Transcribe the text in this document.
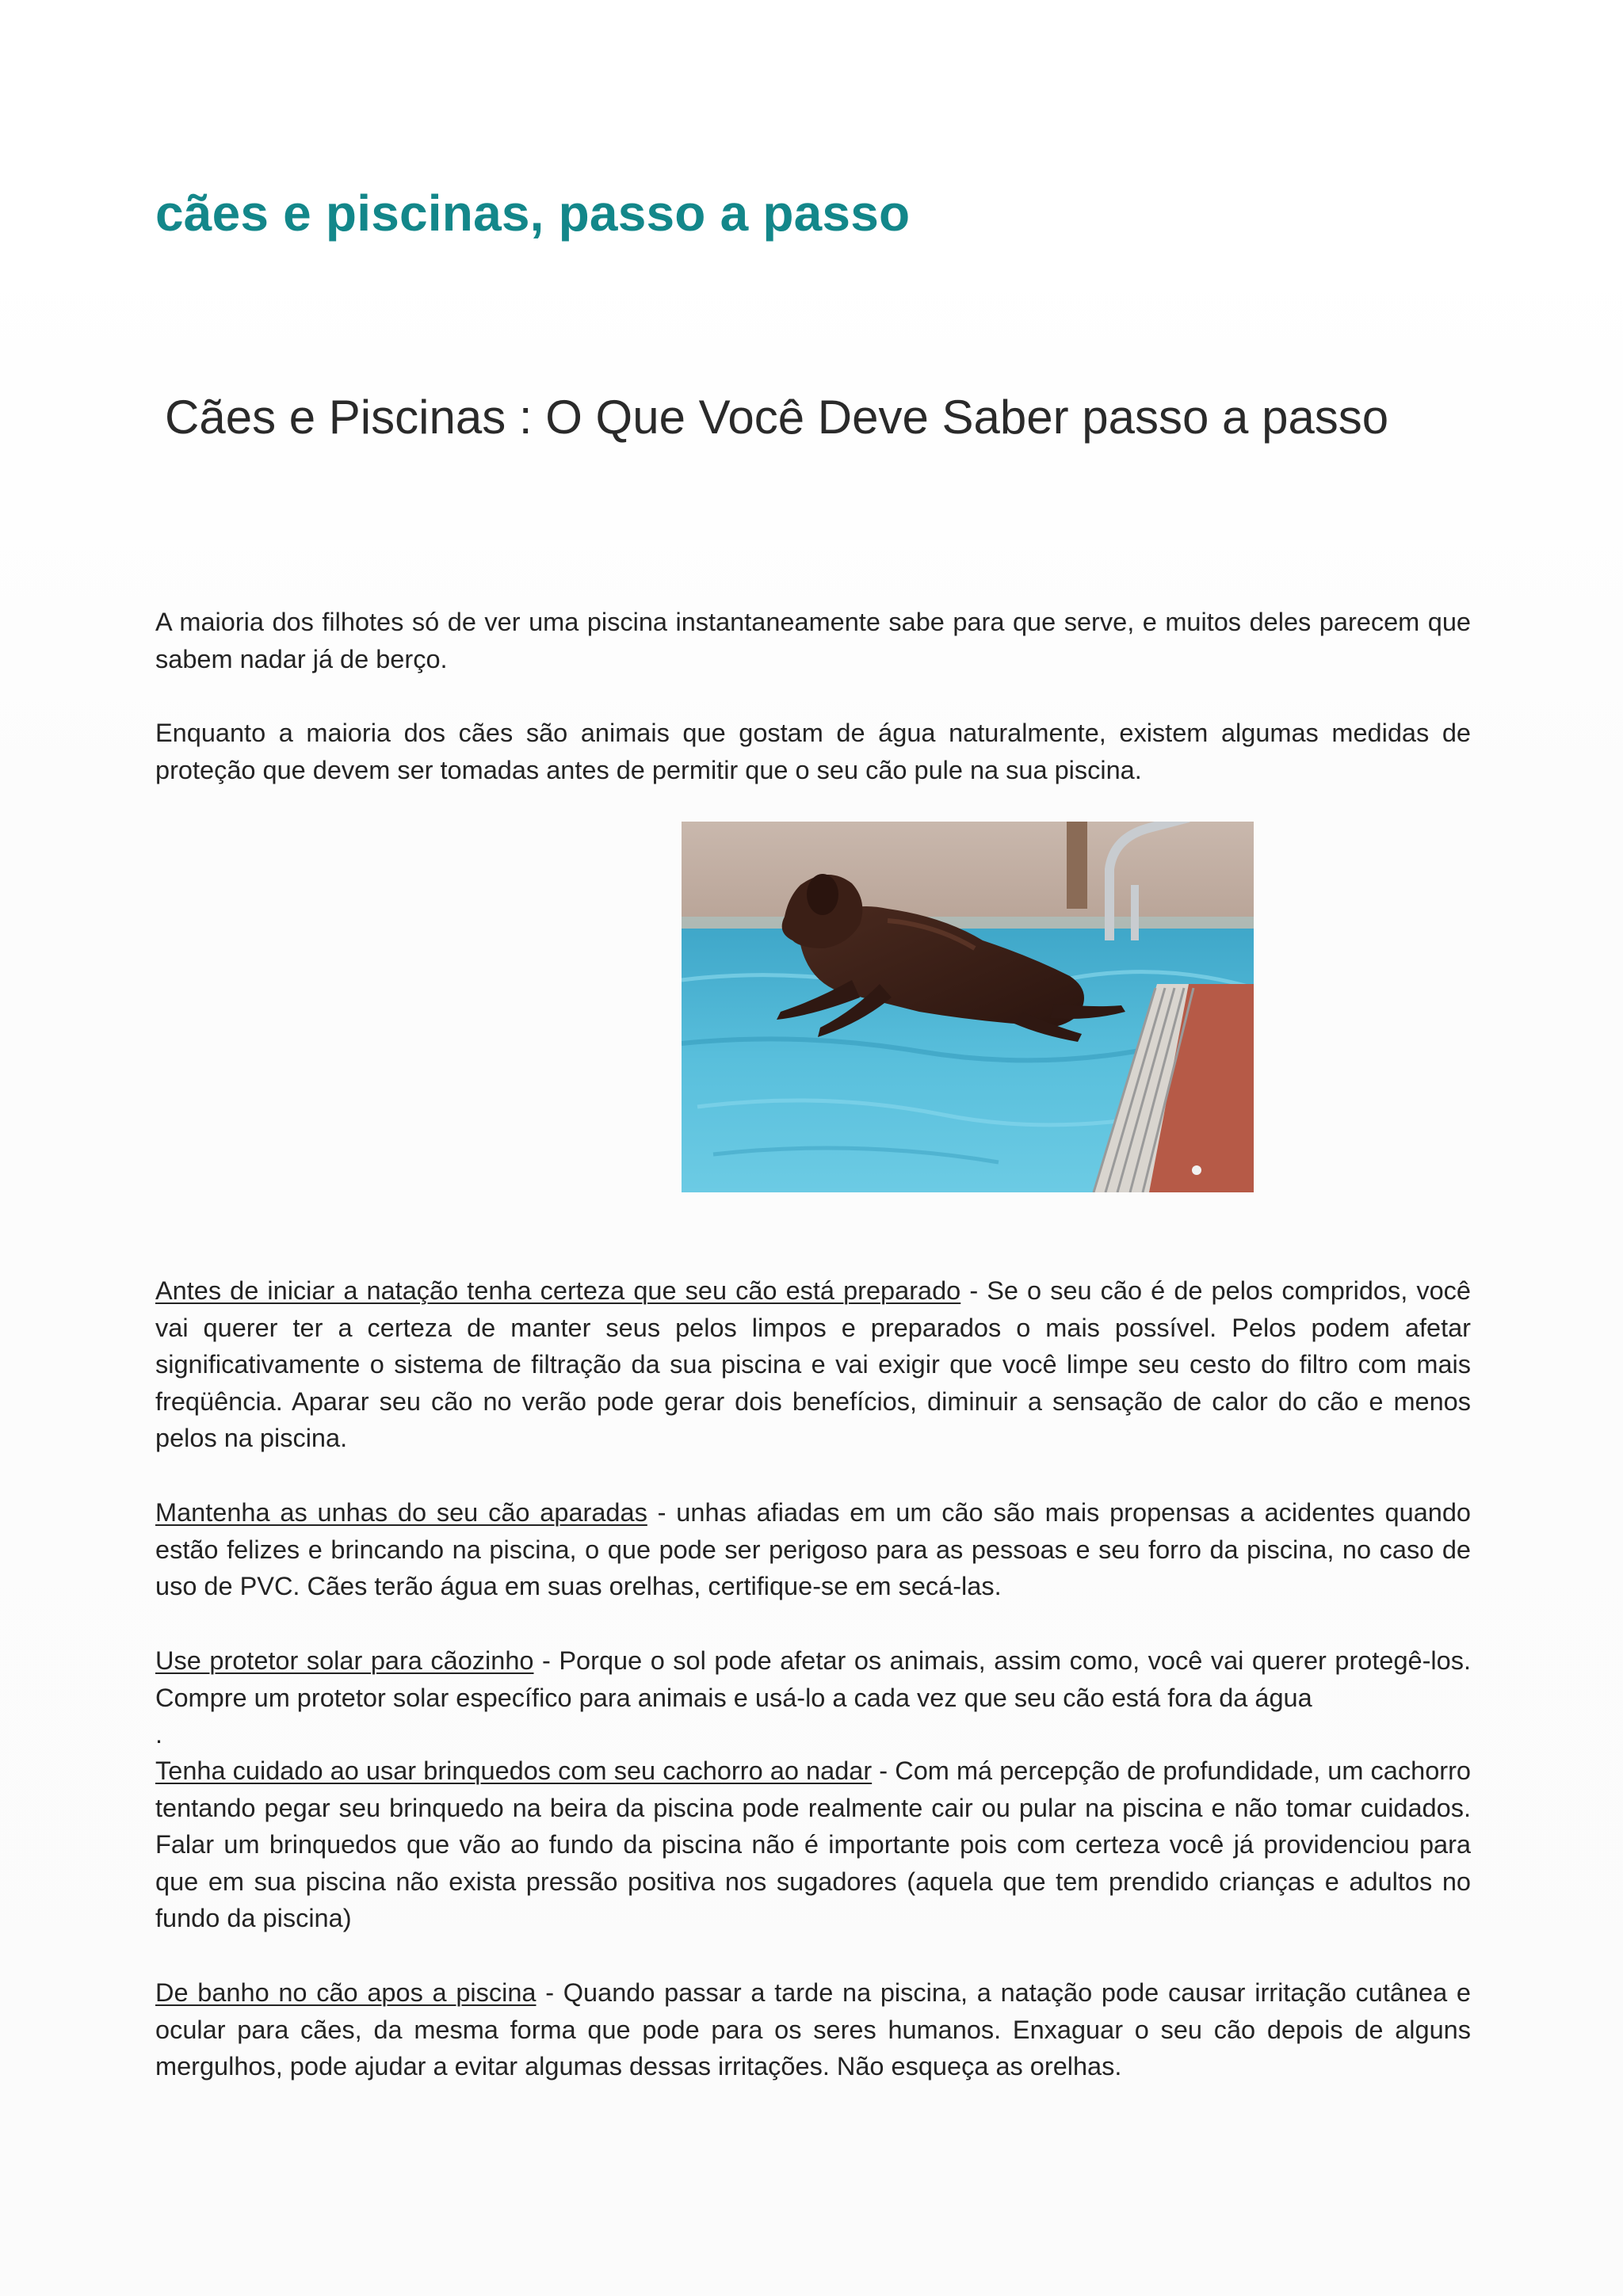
cães e piscinas, passo a passo
Cães e Piscinas : O Que Você Deve Saber passo a passo

A maioria dos filhotes só de ver uma piscina instantaneamente sabe para que serve, e muitos deles parecem que sabem nadar já de berço.

Enquanto a maioria dos cães são animais que gostam de água naturalmente, existem algumas medidas de proteção que devem ser tomadas antes de permitir que o seu cão pule na sua piscina.

Antes de iniciar a natação tenha certeza que seu cão está preparado - Se o seu cão é de pelos compridos, você vai querer ter a certeza de manter seus pelos limpos e preparados o mais possível. Pelos podem afetar significativamente o sistema de filtração da sua piscina e vai exigir que você limpe seu cesto do filtro com mais freqüência. Aparar seu cão no verão pode gerar dois benefícios, diminuir a sensação de calor do cão e menos pelos na piscina.

Mantenha as unhas do seu cão aparadas - unhas afiadas em um cão são mais propensas a acidentes quando estão felizes e brincando na piscina, o que pode ser perigoso para as pessoas e seu forro da piscina, no caso de uso de PVC. Cães terão água em suas orelhas, certifique-se em secá-las.

Use protetor solar para cãozinho - Porque o sol pode afetar os animais, assim como, você vai querer protegê-los. Compre um protetor solar específico para animais e usá-lo a cada vez que seu cão está fora da água

.

Tenha cuidado ao usar brinquedos com seu cachorro ao nadar - Com má percepção de profundidade, um cachorro tentando pegar seu brinquedo na beira da piscina pode realmente cair ou pular na piscina e não tomar cuidados. Falar um brinquedos que vão ao fundo da piscina não é importante pois com certeza você já providenciou para que em sua piscina não exista pressão positiva nos sugadores (aquela que tem prendido crianças e adultos no fundo da piscina)

De banho no cão apos a piscina - Quando passar a tarde na piscina, a natação pode causar irritação cutânea e ocular para cães, da mesma forma que pode para os seres humanos. Enxaguar o seu cão depois de alguns mergulhos, pode ajudar a evitar algumas dessas irritações. Não esqueça as orelhas.
